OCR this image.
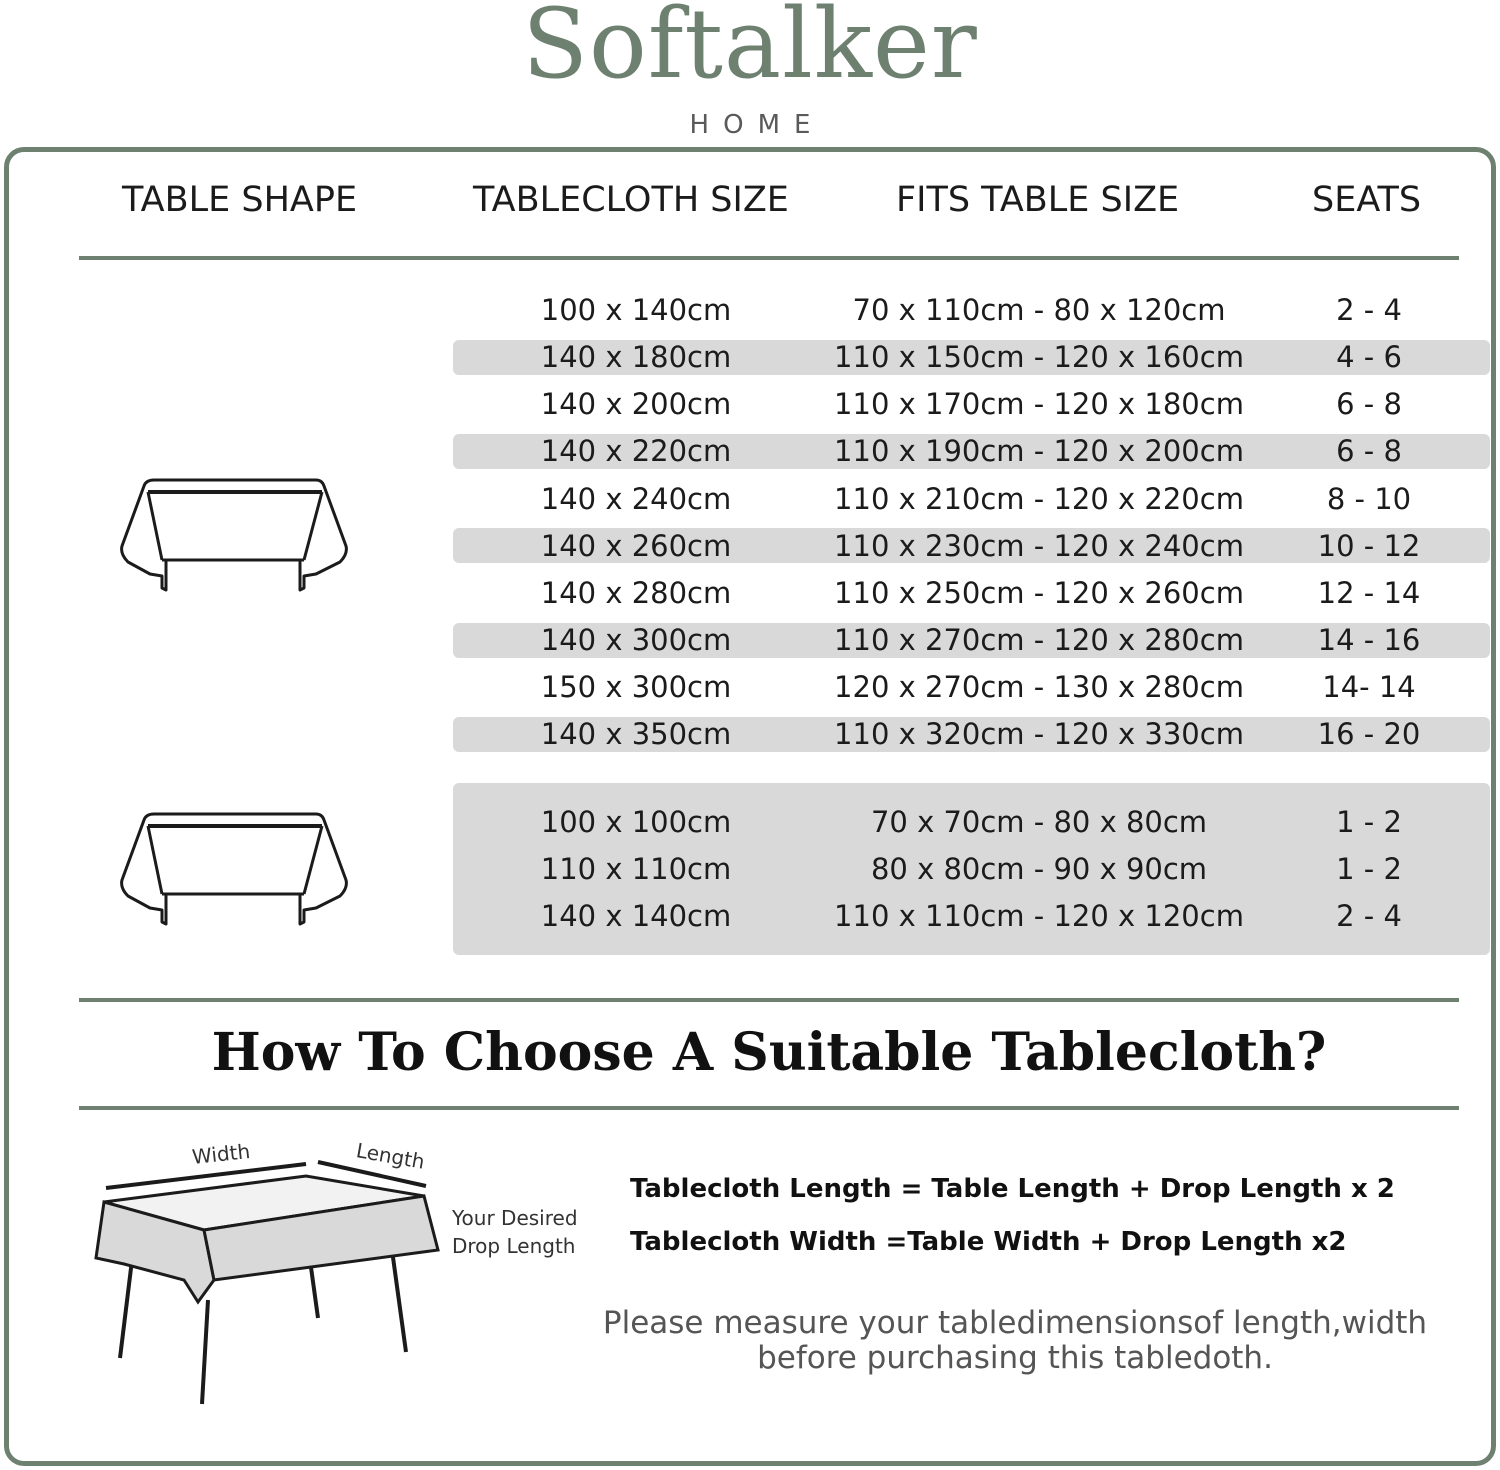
Softalker
HOME
TABLE SHAPE	TABLECLOTH SIZE	FITS TABLE SIZE	SEATS
100 x 140cm	70 x 110cm - 80 x 120cm	2 - 4
140 x 180cm	110 x 150cm - 120 x 160cm	4 - 6
140 x 200cm	110 x 170cm - 120 x 180cm	6 - 8
140 x 220cm	110 x 190cm - 120 x 200cm	6 - 8
140 x 240cm	110 x 210cm - 120 x 220cm	8 - 10
140 x 260cm	110 x 230cm - 120 x 240cm	10 - 12
140 x 280cm	110 x 250cm - 120 x 260cm	12 - 14
140 x 300cm	110 x 270cm - 120 x 280cm	14 - 16
150 x 300cm	120 x 270cm - 130 x 280cm	14- 14
140 x 350cm	110 x 320cm - 120 x 330cm	16 - 20
100 x 100cm	70 x 70cm - 80 x 80cm	1 - 2
110 x 110cm	80 x 80cm - 90 x 90cm	1 - 2
140 x 140cm	110 x 110cm - 120 x 120cm	2 - 4
How To Choose A Suitable Tablecloth?
Width	Length
Your Desired
Drop Length
Tablecloth Length = Table Length + Drop Length x 2
Tablecloth Width =Table Width + Drop Length x2
Please measure your tabledimensionsof length,width
before purchasing this tabledoth.
